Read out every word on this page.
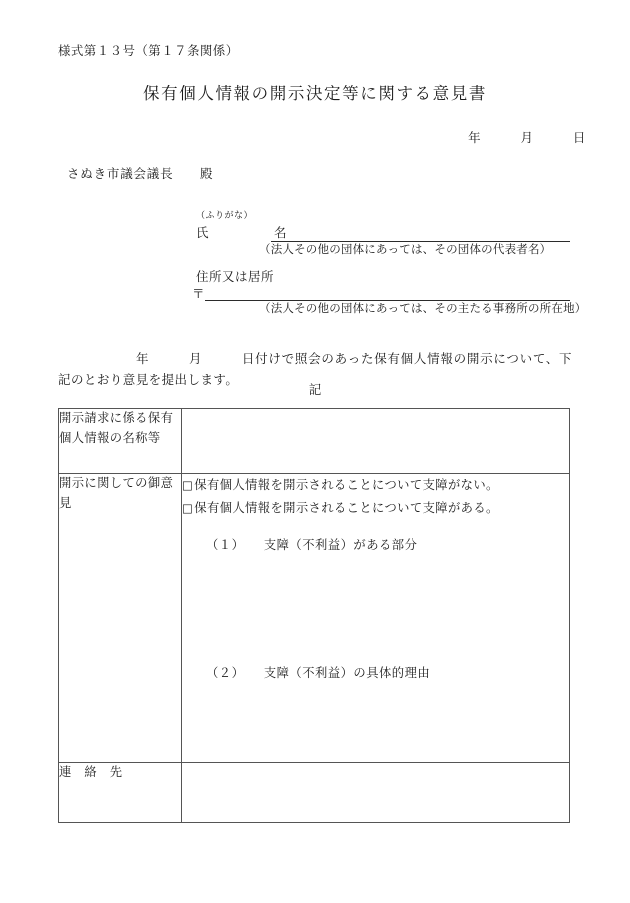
様式第１３号（第１７条関係）
保有個人情報の開示決定等に関する意見書
年　　　月　　　日
さぬき市議会議長　　殿
（ふりがな）
氏　　　　　名
（法人その他の団体にあっては、その団体の代表者名）
住所又は居所
〒
（法人その他の団体にあっては、その主たる事務所の所在地）
年　　　月　　　日付けで照会のあった保有個人情報の開示について、下記のとおり意見を提出します。
記
開示請求に係る保有個人情報の名称等	
開示に関しての御意見	□保有個人情報を開示されることについて支障がない。
□保有個人情報を開示されることについて支障がある。
（１）　　支障（不利益）がある部分
（２）　　支障（不利益）の具体的理由

連　絡　先	
